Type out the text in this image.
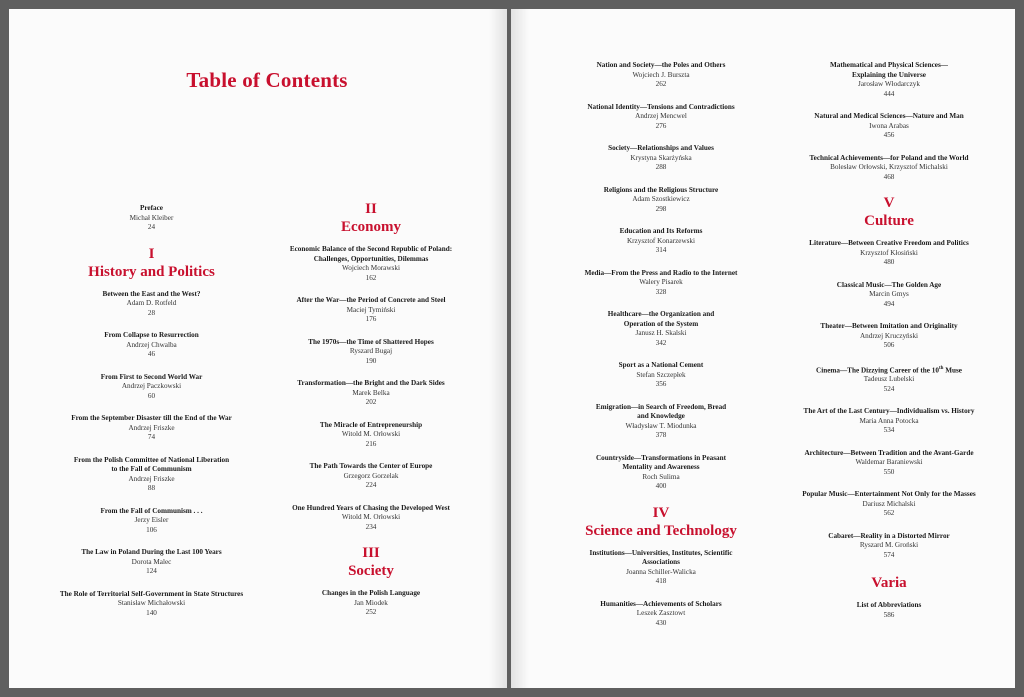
Table of Contents
Preface
Michał Kleiber
24
I
History and Politics
Between the East and the West?
Adam D. Rotfeld
28
From Collapse to Resurrection
Andrzej Chwalba
46
From First to Second World War
Andrzej Paczkowski
60
From the September Disaster till the End of the War
Andrzej Friszke
74
From the Polish Committee of National Liberation to the Fall of Communism
Andrzej Friszke
88
From the Fall of Communism . . .
Jerzy Eisler
106
The Law in Poland During the Last 100 Years
Dorota Malec
124
The Role of Territorial Self-Government in State Structures
Stanisław Michałowski
140
II
Economy
Economic Balance of the Second Republic of Poland: Challenges, Opportunities, Dilemmas
Wojciech Morawski
162
After the War—the Period of Concrete and Steel
Maciej Tymiński
176
The 1970s—the Time of Shattered Hopes
Ryszard Bugaj
190
Transformation—the Bright and the Dark Sides
Marek Belka
202
The Miracle of Entrepreneurship
Witold M. Orłowski
216
The Path Towards the Center of Europe
Grzegorz Gorzelak
224
One Hundred Years of Chasing the Developed West
Witold M. Orłowski
234
III
Society
Changes in the Polish Language
Jan Miodek
252
Nation and Society—the Poles and Others
Wojciech J. Burszta
262
National Identity—Tensions and Contradictions
Andrzej Mencwel
276
Society—Relationships and Values
Krystyna Skarżyńska
288
Religions and the Religious Structure
Adam Szostkiewicz
298
Education and Its Reforms
Krzysztof Konarzewski
314
Media—From the Press and Radio to the Internet
Walery Pisarek
328
Healthcare—the Organization and Operation of the System
Janusz H. Skalski
342
Sport as a National Cement
Stefan Szczepłek
356
Emigration—in Search of Freedom, Bread and Knowledge
Władysław T. Miodunka
378
Countryside—Transformations in Peasant Mentality and Awareness
Roch Sulima
400
IV
Science and Technology
Institutions—Universities, Institutes, Scientific Associations
Joanna Schiller-Walicka
418
Humanities—Achievements of Scholars
Leszek Zasztowt
430
Mathematical and Physical Sciences—Explaining the Universe
Jarosław Włodarczyk
444
Natural and Medical Sciences—Nature and Man
Iwona Arabas
456
Technical Achievements—for Poland and the World
Bolesław Orłowski, Krzysztof Michalski
468
V
Culture
Literature—Between Creative Freedom and Politics
Krzysztof Kłosiński
480
Classical Music—The Golden Age
Marcin Gmys
494
Theater—Between Imitation and Originality
Andrzej Kruczyński
506
Cinema—The Dizzying Career of the 10th Muse
Tadeusz Lubelski
524
The Art of the Last Century—Individualism vs. History
Maria Anna Potocka
534
Architecture—Between Tradition and the Avant-Garde
Waldemar Baraniewski
550
Popular Music—Entertainment Not Only for the Masses
Dariusz Michalski
562
Cabaret—Reality in a Distorted Mirror
Ryszard M. Groński
574
Varia
List of Abbreviations
586
